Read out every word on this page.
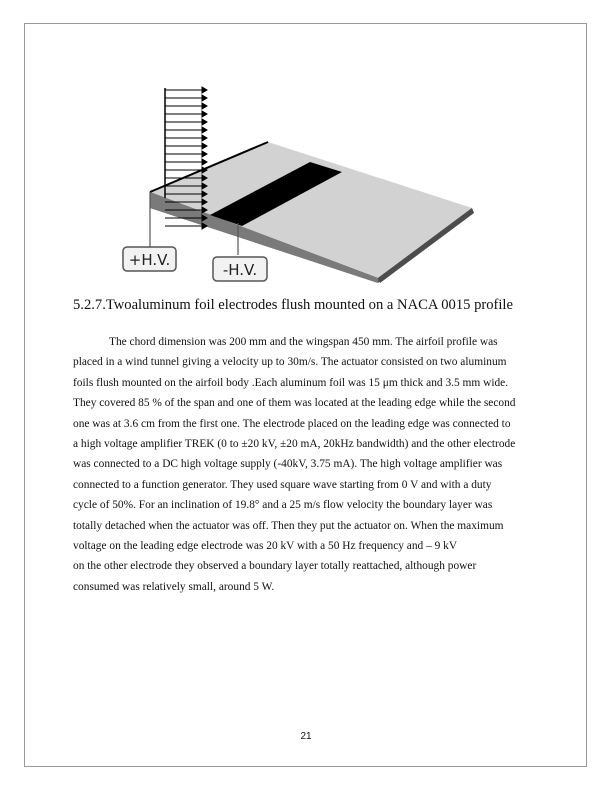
+H.V.
-H.V.
5.2.7.Twoaluminum foil electrodes flush mounted on a NACA 0015 profile
The chord dimension was 200 mm and the wingspan 450 mm. The airfoil profile was
placed in a wind tunnel giving a velocity up to 30m/s. The actuator consisted on two aluminum
foils flush mounted on the airfoil body .Each aluminum foil was 15 μm thick and 3.5 mm wide.
They covered 85 % of the span and one of them was located at the leading edge while the second
one was at 3.6 cm from the first one. The electrode placed on the leading edge was connected to
a high voltage amplifier TREK (0 to ±20 kV, ±20 mA, 20kHz bandwidth) and the other electrode
was connected to a DC high voltage supply (-40kV, 3.75 mA). The high voltage amplifier was
connected to a function generator. They used square wave starting from 0 V and with a duty
cycle of 50%. For an inclination of 19.8° and a 25 m/s flow velocity the boundary layer was
totally detached when the actuator was off. Then they put the actuator on. When the maximum
voltage on the leading edge electrode was 20 kV with a 50 Hz frequency and – 9 kV
on the other electrode they observed a boundary layer totally reattached, although power
consumed was relatively small, around 5 W.
21
